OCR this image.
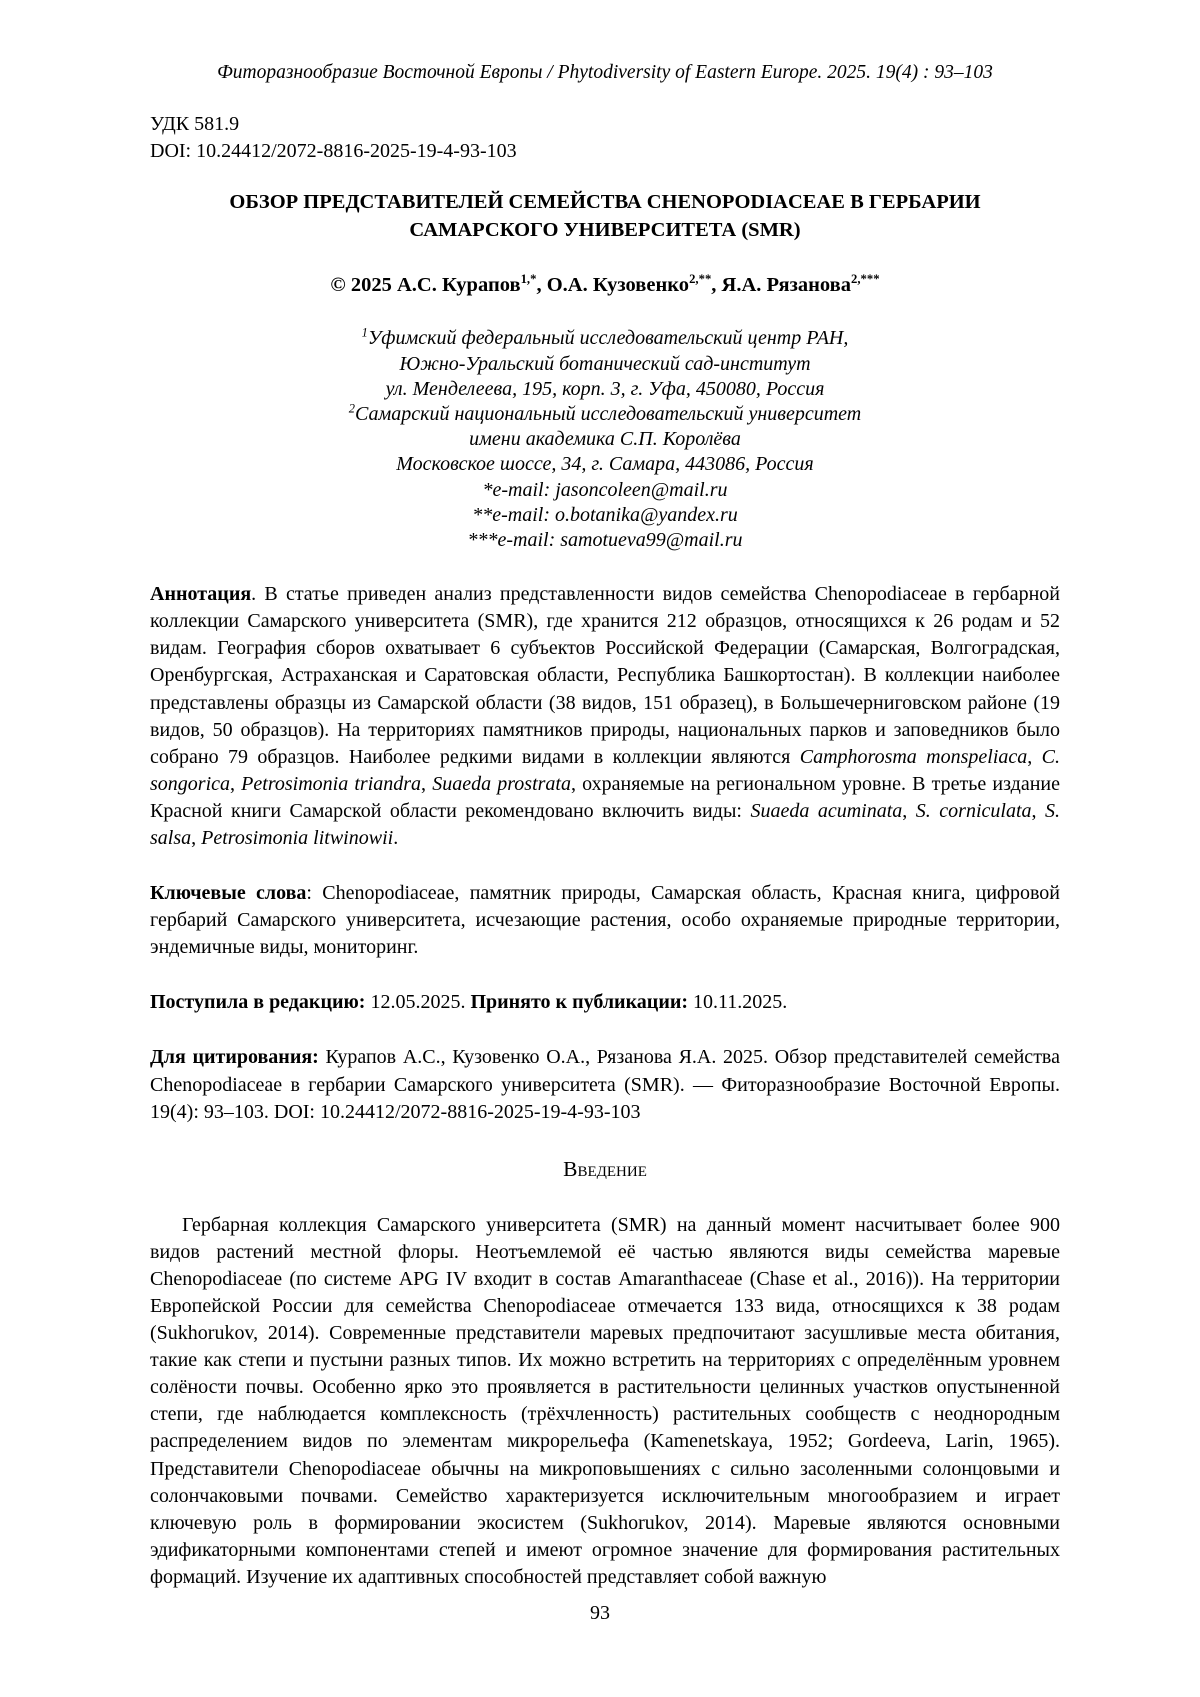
Фиторазнообразие Восточной Европы / Phytodiversity of Eastern Europe. 2025. 19(4) : 93–103
УДК 581.9
DOI: 10.24412/2072-8816-2025-19-4-93-103
ОБЗОР ПРЕДСТАВИТЕЛЕЙ СЕМЕЙСТВА CHENOPODIACEAE В ГЕРБАРИИ
САМАРСКОГО УНИВЕРСИТЕТА (SMR)
© 2025 А.С. Курапов$^{1,*}$, О.А. Кузовенко$^{2,**}$, Я.А. Рязанова$^{2,***}$
$^1$Уфимский федеральный исследовательский центр РАН,
Южно-Уральский ботанический сад-институт
ул. Менделеева, 195, корп. 3, г. Уфа, 450080, Россия
$^2$Самарский национальный исследовательский университет
имени академика С.П. Королёва
Московское шоссе, 34, г. Самара, 443086, Россия
*e-mail: jasoncoleen@mail.ru
**e-mail: o.botanika@yandex.ru
***e-mail: samotueva99@mail.ru
Аннотация. В статье приведен анализ представленности видов семейства Chenopodiaceae в гербарной коллекции Самарского университета (SMR), где хранится 212 образцов, относящихся к 26 родам и 52 видам. География сборов охватывает 6 субъектов Российской Федерации (Самарская, Волгоградская, Оренбургская, Астраханская и Саратовская области, Республика Башкортостан). В коллекции наиболее представлены образцы из Самарской области (38 видов, 151 образец), в Большечерниговском районе (19 видов, 50 образцов). На территориях памятников природы, национальных парков и заповедников было собрано 79 образцов. Наиболее редкими видами в коллекции являются Camphorosma monspeliaca, C. songorica, Petrosimonia triandra, Suaeda prostrata, охраняемые на региональном уровне. В третье издание Красной книги Самарской области рекомендовано включить виды: Suaeda acuminata, S. corniculata, S. salsa, Petrosimonia litwinowii.
Ключевые слова: Chenopodiaceae, памятник природы, Самарская область, Красная книга, цифровой гербарий Самарского университета, исчезающие растения, особо охраняемые природные территории, эндемичные виды, мониторинг.
Поступила в редакцию: 12.05.2025. Принято к публикации: 10.11.2025.
Для цитирования: Курапов А.С., Кузовенко О.А., Рязанова Я.А. 2025. Обзор представителей семейства Chenopodiaceae в гербарии Самарского университета (SMR). — Фиторазнообразие Восточной Европы. 19(4): 93–103. DOI: 10.24412/2072-8816-2025-19-4-93-103
Введение
Гербарная коллекция Самарского университета (SMR) на данный момент насчитывает более 900 видов растений местной флоры. Неотъемлемой её частью являются виды семейства маревые Chenopodiaceae (по системе APG IV входит в состав Amaranthaceae (Chase et al., 2016)). На территории Европейской России для семейства Chenopodiaceae отмечается 133 вида, относящихся к 38 родам (Sukhorukov, 2014). Современные представители маревых предпочитают засушливые места обитания, такие как степи и пустыни разных типов. Их можно встретить на территориях с определённым уровнем солёности почвы. Особенно ярко это проявляется в растительности целинных участков опустыненной степи, где наблюдается комплексность (трёхчленность) растительных сообществ с неоднородным распределением видов по элементам микрорельефа (Kamenetskaya, 1952; Gordeeva, Larin, 1965). Представители Chenopodiaceae обычны на микроповышениях с сильно засоленными солонцовыми и солончаковыми почвами. Семейство характеризуется исключительным многообразием и играет ключевую роль в формировании экосистем (Sukhorukov, 2014). Маревые являются основными эдификаторными компонентами степей и имеют огромное значение для формирования растительных формаций. Изучение их адаптивных способностей представляет собой важную
93
